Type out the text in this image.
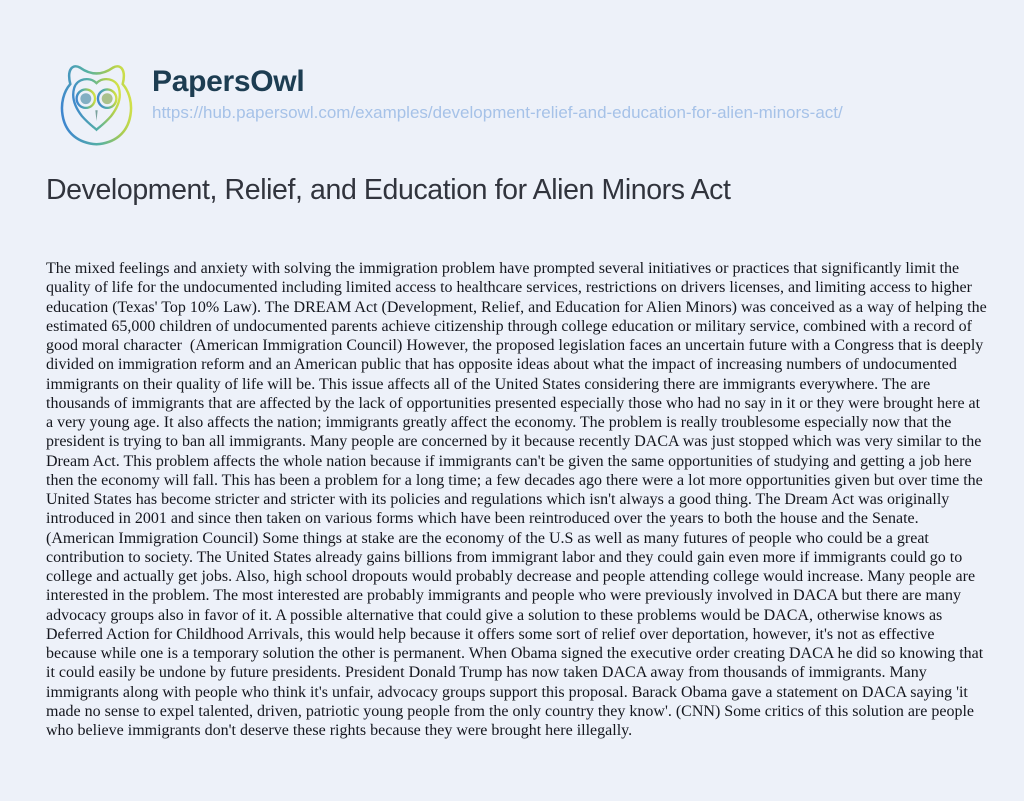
PapersOwl
https://hub.papersowl.com/examples/development-relief-and-education-for-alien-minors-act/
Development, Relief, and Education for Alien Minors Act

The mixed feelings and anxiety with solving the immigration problem have prompted several initiatives or practices that significantly limit the quality of life for the undocumented including limited access to healthcare services, restrictions on drivers licenses, and limiting access to higher education (Texas' Top 10% Law). The DREAM Act (Development, Relief, and Education for Alien Minors) was conceived as a way of helping the estimated 65,000 children of undocumented parents achieve citizenship through college education or military service, combined with a record of good moral character  (American Immigration Council) However, the proposed legislation faces an uncertain future with a Congress that is deeply divided on immigration reform and an American public that has opposite ideas about what the impact of increasing numbers of undocumented immigrants on their quality of life will be. This issue affects all of the United States considering there are immigrants everywhere. The are thousands of immigrants that are affected by the lack of opportunities presented especially those who had no say in it or they were brought here at a very young age. It also affects the nation; immigrants greatly affect the economy. The problem is really troublesome especially now that the president is trying to ban all immigrants. Many people are concerned by it because recently DACA was just stopped which was very similar to the Dream Act. This problem affects the whole nation because if immigrants can't be given the same opportunities of studying and getting a job here then the economy will fall. This has been a problem for a long time; a few decades ago there were a lot more opportunities given but over time the United States has become stricter and stricter with its policies and regulations which isn't always a good thing. The Dream Act was originally introduced in 2001 and since then taken on various forms which have been reintroduced over the years to both the house and the Senate. (American Immigration Council) Some things at stake are the economy of the U.S as well as many futures of people who could be a great contribution to society. The United States already gains billions from immigrant labor and they could gain even more if immigrants could go to college and actually get jobs. Also, high school dropouts would probably decrease and people attending college would increase. Many people are interested in the problem. The most interested are probably immigrants and people who were previously involved in DACA but there are many advocacy groups also in favor of it. A possible alternative that could give a solution to these problems would be DACA, otherwise knows as Deferred Action for Childhood Arrivals, this would help because it offers some sort of relief over deportation, however, it's not as effective because while one is a temporary solution the other is permanent. When Obama signed the executive order creating DACA he did so knowing that it could easily be undone by future presidents. President Donald Trump has now taken DACA away from thousands of immigrants. Many immigrants along with people who think it's unfair, advocacy groups support this proposal. Barack Obama gave a statement on DACA saying 'it made no sense to expel talented, driven, patriotic young people from the only country they know'. (CNN) Some critics of this solution are people who believe immigrants don't deserve these rights because they were brought here illegally.
